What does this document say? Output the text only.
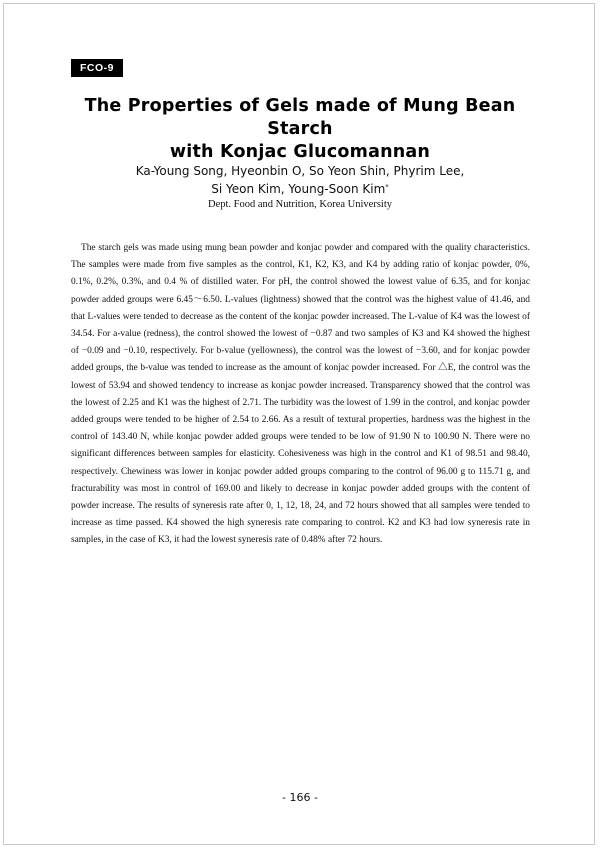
FCO-9
The Properties of Gels made of Mung Bean Starch
with Konjac Glucomannan
Ka-Young Song, Hyeonbin O, So Yeon Shin, Phyrim Lee,
Si Yeon Kim, Young-Soon Kim*
Dept. Food and Nutrition, Korea University

The starch gels was made using mung bean powder and konjac powder and compared with the quality characteristics. The samples were made from five samples as the control, K1, K2, K3, and K4 by adding ratio of konjac powder, 0%, 0.1%, 0.2%, 0.3%, and 0.4 % of distilled water. For pH, the control showed the lowest value of 6.35, and for konjac powder added groups were 6.45～6.50. L-values (lightness) showed that the control was the highest value of 41.46, and that L-values were tended to decrease as the content of the konjac powder increased. The L-value of K4 was the lowest of 34.54. For a-value (redness), the control showed the lowest of −0.87 and two samples of K3 and K4 showed the highest of −0.09 and −0.10, respectively. For b-value (yellowness), the control was the lowest of −3.60, and for konjac powder added groups, the b-value was tended to increase as the amount of konjac powder increased. For △E, the control was the lowest of 53.94 and showed tendency to increase as konjac powder increased. Transparency showed that the control was the lowest of 2.25 and K1 was the highest of 2.71. The turbidity was the lowest of 1.99 in the control, and konjac powder added groups were tended to be higher of 2.54 to 2.66. As a result of textural properties, hardness was the highest in the control of 143.40 N, while konjac powder added groups were tended to be low of 91.90 N to 100.90 N. There were no significant differences between samples for elasticity. Cohesiveness was high in the control and K1 of 98.51 and 98.40, respectively. Chewiness was lower in konjac powder added groups comparing to the control of 96.00 g to 115.71 g, and fracturability was most in control of 169.00 and likely to decrease in konjac powder added groups with the content of powder increase. The results of syneresis rate after 0, 1, 12, 18, 24, and 72 hours showed that all samples were tended to increase as time passed. K4 showed the high syneresis rate comparing to control. K2 and K3 had low syneresis rate in samples, in the case of K3, it had the lowest syneresis rate of 0.48% after 72 hours.

- 166 -
